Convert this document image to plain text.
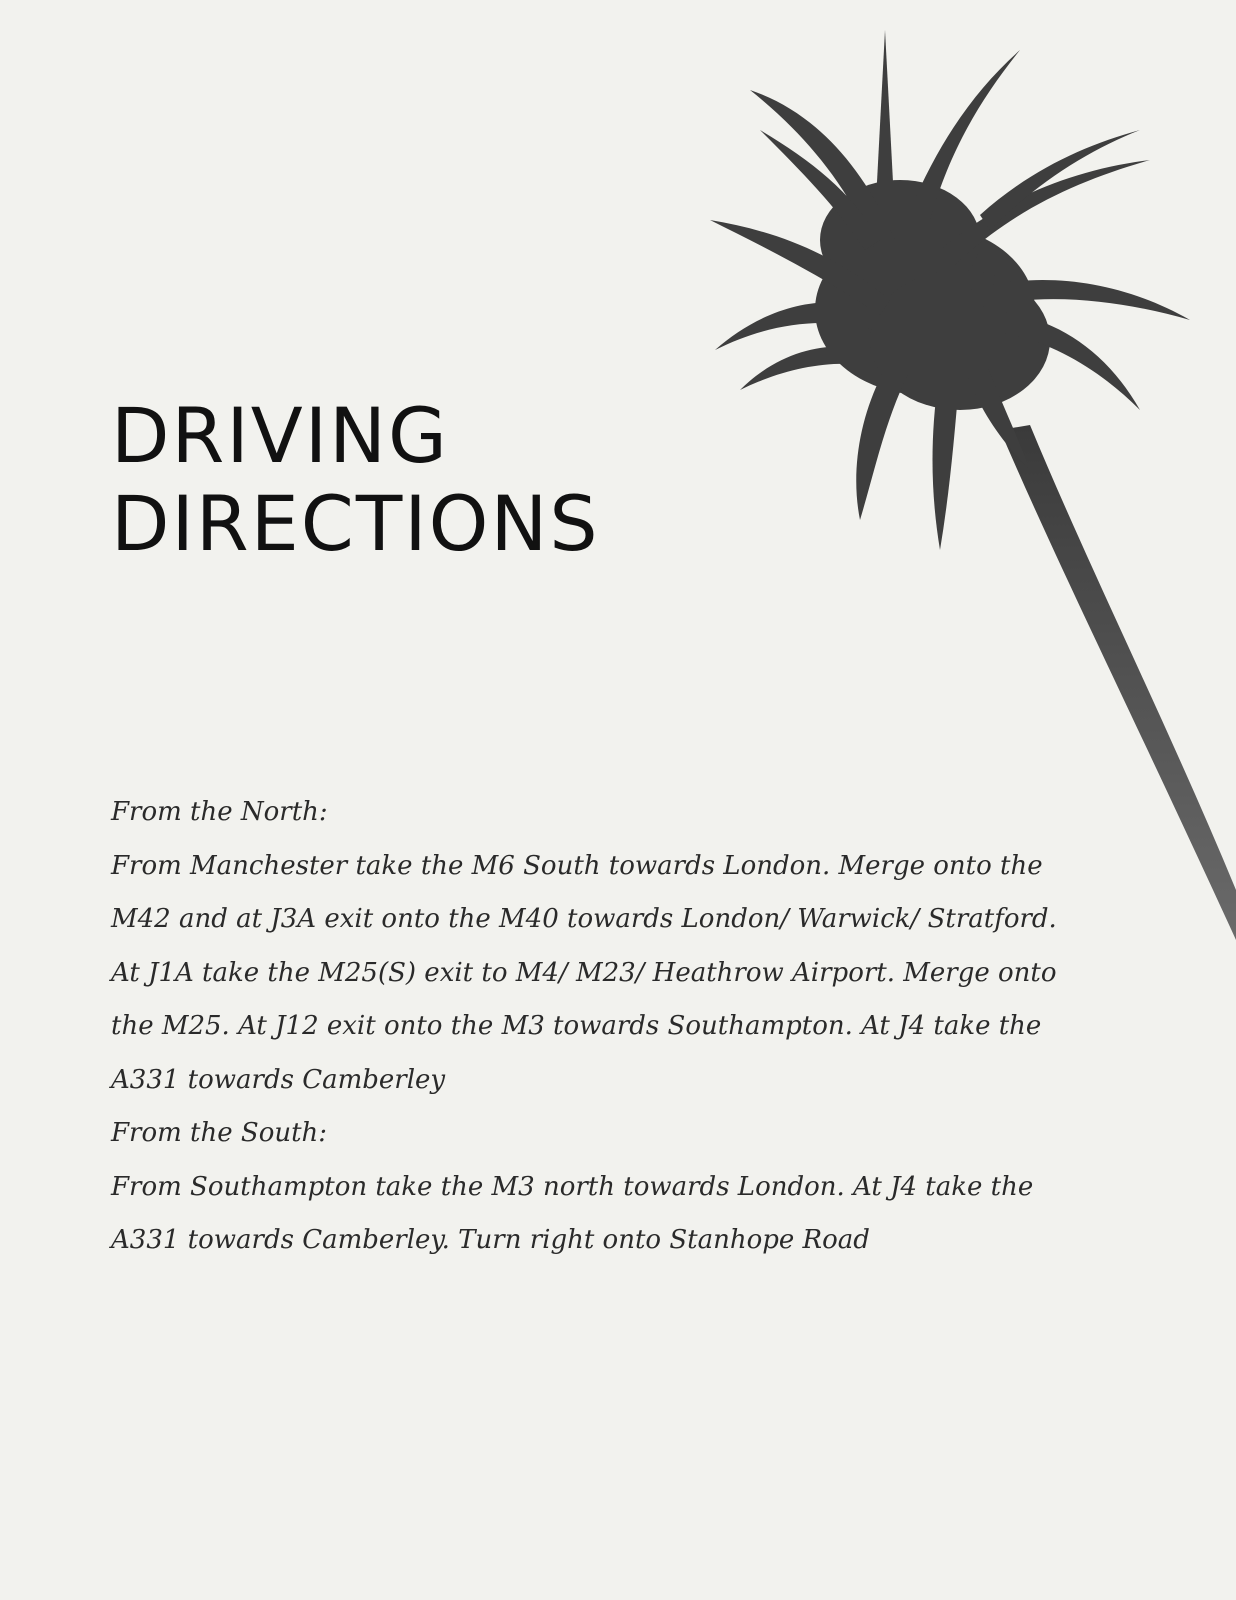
DRIVING
DIRECTIONS

From the North:

From Manchester take the M6 South towards London. Merge onto the M42 and at J3A exit onto the M40 towards London/ Warwick/ Stratford. At J1A take the M25(S) exit to M4/ M23/ Heathrow Airport. Merge onto the M25. At J12 exit onto the M3 towards Southampton. At J4 take the A331 towards Camberley

From the South:

From Southampton take the M3 north towards London. At J4 take the A331 towards Camberley. Turn right onto Stanhope Road
